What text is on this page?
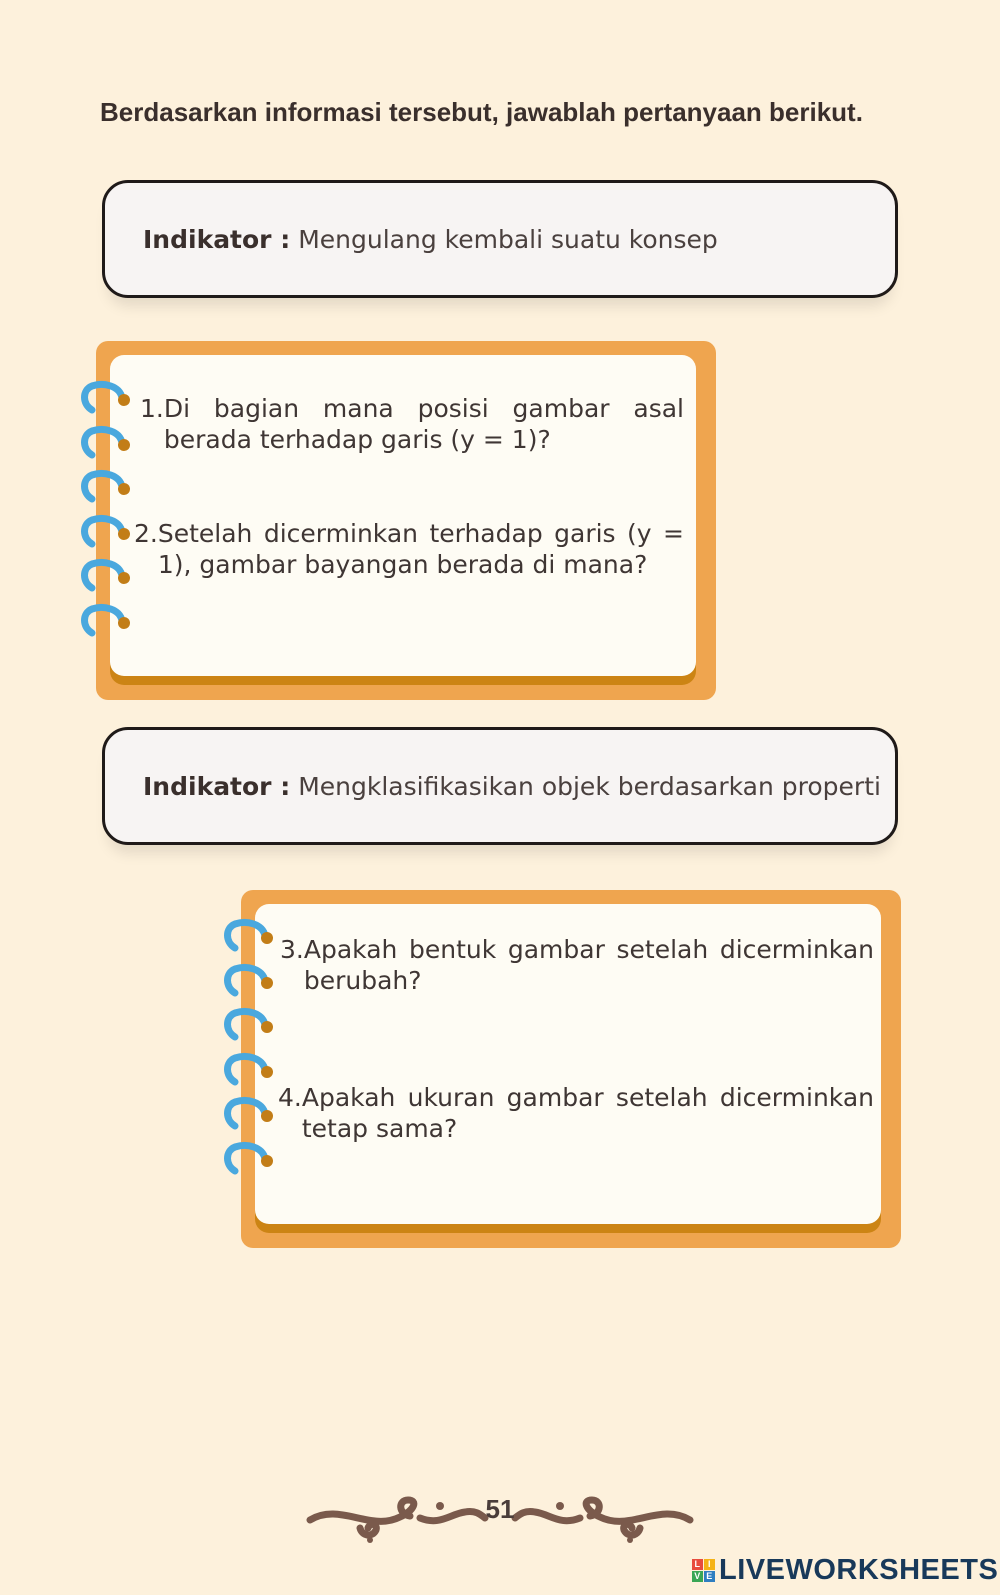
Berdasarkan informasi tersebut, jawablah pertanyaan berikut.

Indikator : Mengulang kembali suatu konsep

1. Di bagian mana posisi gambar asal berada terhadap garis (y = 1)?

2. Setelah dicerminkan terhadap garis (y = 1), gambar bayangan berada di mana?

Indikator : Mengklasifikasikan objek berdasarkan properti

3. Apakah bentuk gambar setelah dicerminkan berubah?

4. Apakah ukuran gambar setelah dicerminkan tetap sama?

51
L I
V E LIVEWORKSHEETS
